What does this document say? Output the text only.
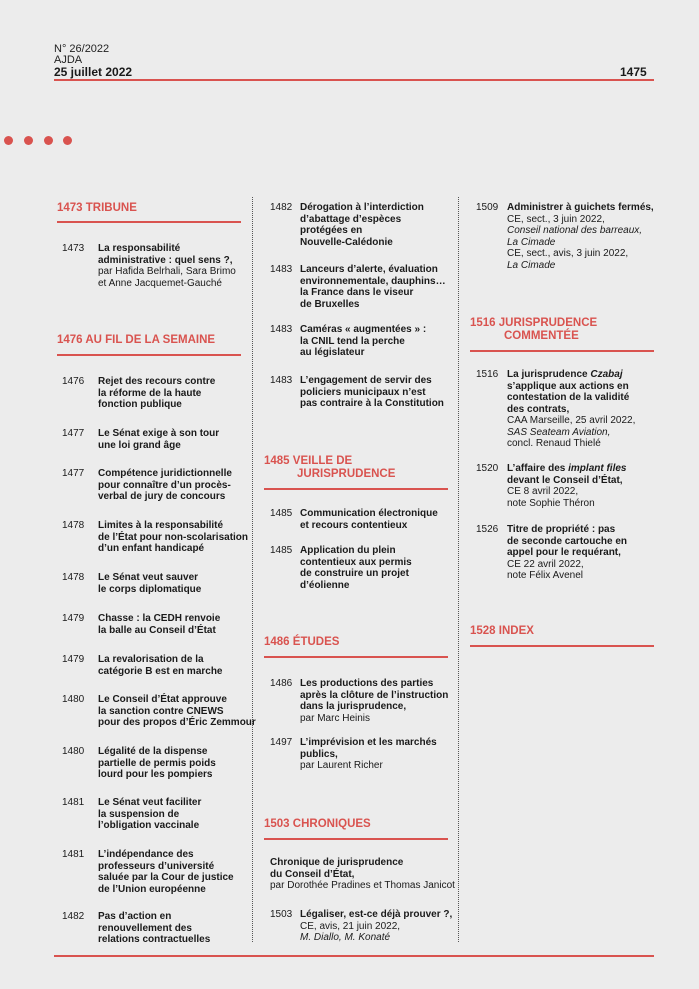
N° 26/2022
AJDA
25 juillet 2022	1475
1473 TRIBUNE
1473 La responsabilité
administrative : quel sens ?,
par Hafida Belrhali, Sara Brimo
et Anne Jacquemet-Gauché
1476 AU FIL DE LA SEMAINE
1476 Rejet des recours contre
la réforme de la haute
fonction publique
1477 Le Sénat exige à son tour
une loi grand âge
1477 Compétence juridictionnelle
pour connaître d’un procès-
verbal de jury de concours
1478 Limites à la responsabilité
de l’État pour non-scolarisation
d’un enfant handicapé
1478 Le Sénat veut sauver
le corps diplomatique
1479 Chasse : la CEDH renvoie
la balle au Conseil d’État
1479 La revalorisation de la
catégorie B est en marche
1480 Le Conseil d’État approuve
la sanction contre CNEWS
pour des propos d’Éric Zemmour
1480 Légalité de la dispense
partielle de permis poids
lourd pour les pompiers
1481 Le Sénat veut faciliter
la suspension de
l’obligation vaccinale
1481 L’indépendance des
professeurs d’université
saluée par la Cour de justice
de l’Union européenne
1482 Pas d’action en
renouvellement des
relations contractuelles
1482 Dérogation à l’interdiction
d’abattage d’espèces
protégées en
Nouvelle-Calédonie
1483 Lanceurs d’alerte, évaluation
environnementale, dauphins…
la France dans le viseur
de Bruxelles
1483 Caméras « augmentées » :
la CNIL tend la perche
au législateur
1483 L’engagement de servir des
policiers municipaux n’est
pas contraire à la Constitution
1485 VEILLE DE
JURISPRUDENCE
1485 Communication électronique
et recours contentieux
1485 Application du plein
contentieux aux permis
de construire un projet
d’éolienne
1486 ÉTUDES
1486 Les productions des parties
après la clôture de l’instruction
dans la jurisprudence,
par Marc Heinis
1497 L’imprévision et les marchés
publics,
par Laurent Richer
1503 CHRONIQUES
Chronique de jurisprudence
du Conseil d’État,
par Dorothée Pradines et Thomas Janicot
1503 Légaliser, est-ce déjà prouver ?,
CE, avis, 21 juin 2022,
M. Diallo, M. Konaté
1509 Administrer à guichets fermés,
CE, sect., 3 juin 2022,
Conseil national des barreaux,
La Cimade
CE, sect., avis, 3 juin 2022,
La Cimade
1516 JURISPRUDENCE
COMMENTÉE
1516 La jurisprudence Czabaj
s’applique aux actions en
contestation de la validité
des contrats,
CAA Marseille, 25 avril 2022,
SAS Seateam Aviation,
concl. Renaud Thielé
1520 L’affaire des implant files
devant le Conseil d’État,
CE 8 avril 2022,
note Sophie Théron
1526 Titre de propriété : pas
de seconde cartouche en
appel pour le requérant,
CE 22 avril 2022,
note Félix Avenel
1528 INDEX
